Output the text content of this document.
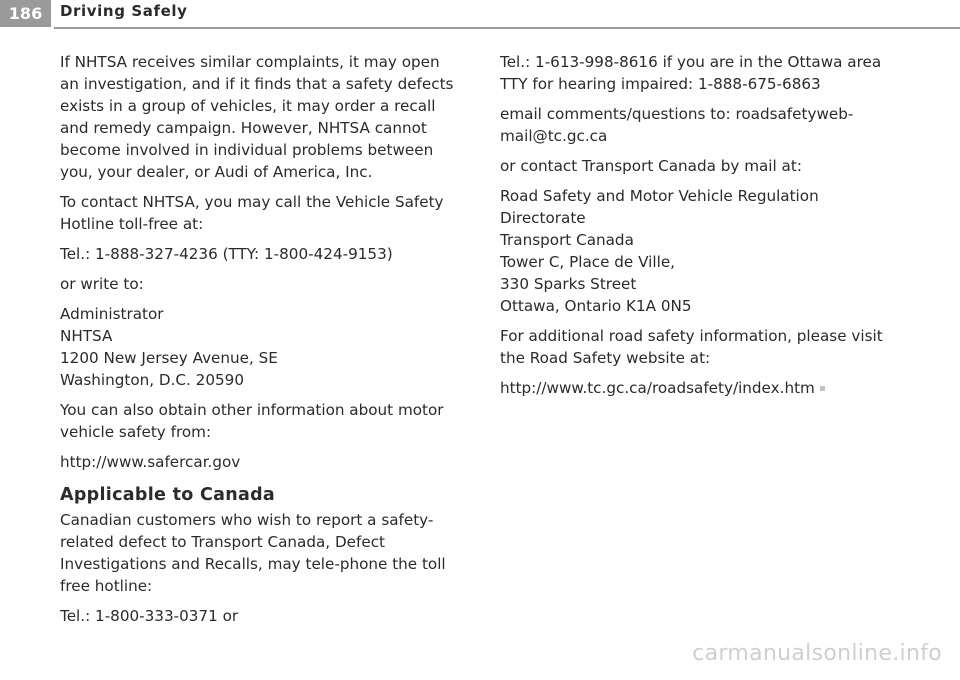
186	Driving Safely

If NHTSA receives similar complaints, it may open an investigation, and if it finds that a safety defects exists in a group of vehicles, it may order a recall and remedy campaign. However, NHTSA cannot become involved in individual problems between you, your dealer, or Audi of America, Inc.

To contact NHTSA, you may call the Vehicle Safety Hotline toll-free at:

Tel.: 1-888-327-4236 (TTY: 1-800-424-9153)

or write to:

Administrator
NHTSA
1200 New Jersey Avenue, SE
Washington, D.C. 20590

You can also obtain other information about motor vehicle safety from:

http://www.safercar.gov

Applicable to Canada

Canadian customers who wish to report a safety-related defect to Transport Canada, Defect Investigations and Recalls, may tele-phone the toll free hotline:

Tel.: 1-800-333-0371 or

Tel.: 1-613-998-8616 if you are in the Ottawa area

TTY for hearing impaired: 1-888-675-6863

email comments/questions to: roadsafetyweb-mail@tc.gc.ca

or contact Transport Canada by mail at:

Road Safety and Motor Vehicle Regulation
Directorate
Transport Canada
Tower C, Place de Ville,
330 Sparks Street
Ottawa, Ontario K1A 0N5

For additional road safety information, please visit the Road Safety website at:

http://www.tc.gc.ca/roadsafety/index.htm

carmanualsonline.info
